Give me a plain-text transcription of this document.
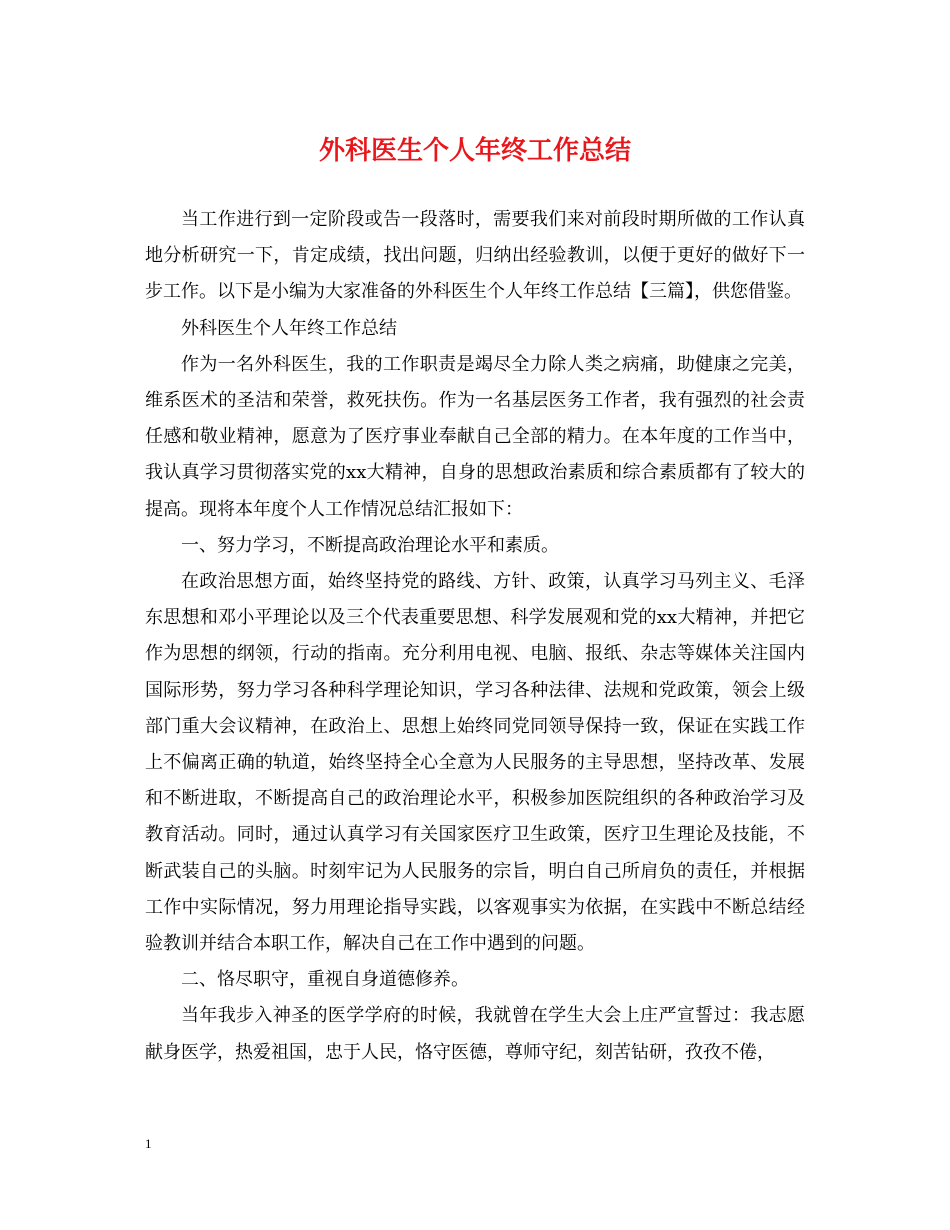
外科医生个人年终工作总结

当工作进行到一定阶段或告一段落时，需要我们来对前段时期所做的工作认真地分析研究一下，肯定成绩，找出问题，归纳出经验教训，以便于更好的做好下一步工作。以下是小编为大家准备的外科医生个人年终工作总结【三篇】，供您借鉴。

外科医生个人年终工作总结

作为一名外科医生，我的工作职责是竭尽全力除人类之病痛，助健康之完美，维系医术的圣洁和荣誉，救死扶伤。作为一名基层医务工作者，我有强烈的社会责任感和敬业精神，愿意为了医疗事业奉献自己全部的精力。在本年度的工作当中，我认真学习贯彻落实党的xx大精神，自身的思想政治素质和综合素质都有了较大的提高。现将本年度个人工作情况总结汇报如下：

一、努力学习，不断提高政治理论水平和素质。

在政治思想方面，始终坚持党的路线、方针、政策，认真学习马列主义、毛泽东思想和邓小平理论以及三个代表重要思想、科学发展观和党的xx大精神，并把它作为思想的纲领，行动的指南。充分利用电视、电脑、报纸、杂志等媒体关注国内国际形势，努力学习各种科学理论知识，学习各种法律、法规和党政策，领会上级部门重大会议精神，在政治上、思想上始终同党同领导保持一致，保证在实践工作上不偏离正确的轨道，始终坚持全心全意为人民服务的主导思想，坚持改革、发展和不断进取，不断提高自己的政治理论水平，积极参加医院组织的各种政治学习及教育活动。同时，通过认真学习有关国家医疗卫生政策，医疗卫生理论及技能，不断武装自己的头脑。时刻牢记为人民服务的宗旨，明白自己所肩负的责任，并根据工作中实际情况，努力用理论指导实践，以客观事实为依据，在实践中不断总结经验教训并结合本职工作，解决自己在工作中遇到的问题。

二、恪尽职守，重视自身道德修养。

当年我步入神圣的医学学府的时候，我就曾在学生大会上庄严宣誓过：我志愿献身医学，热爱祖国，忠于人民，恪守医德，尊师守纪，刻苦钻研，孜孜不倦，

1
